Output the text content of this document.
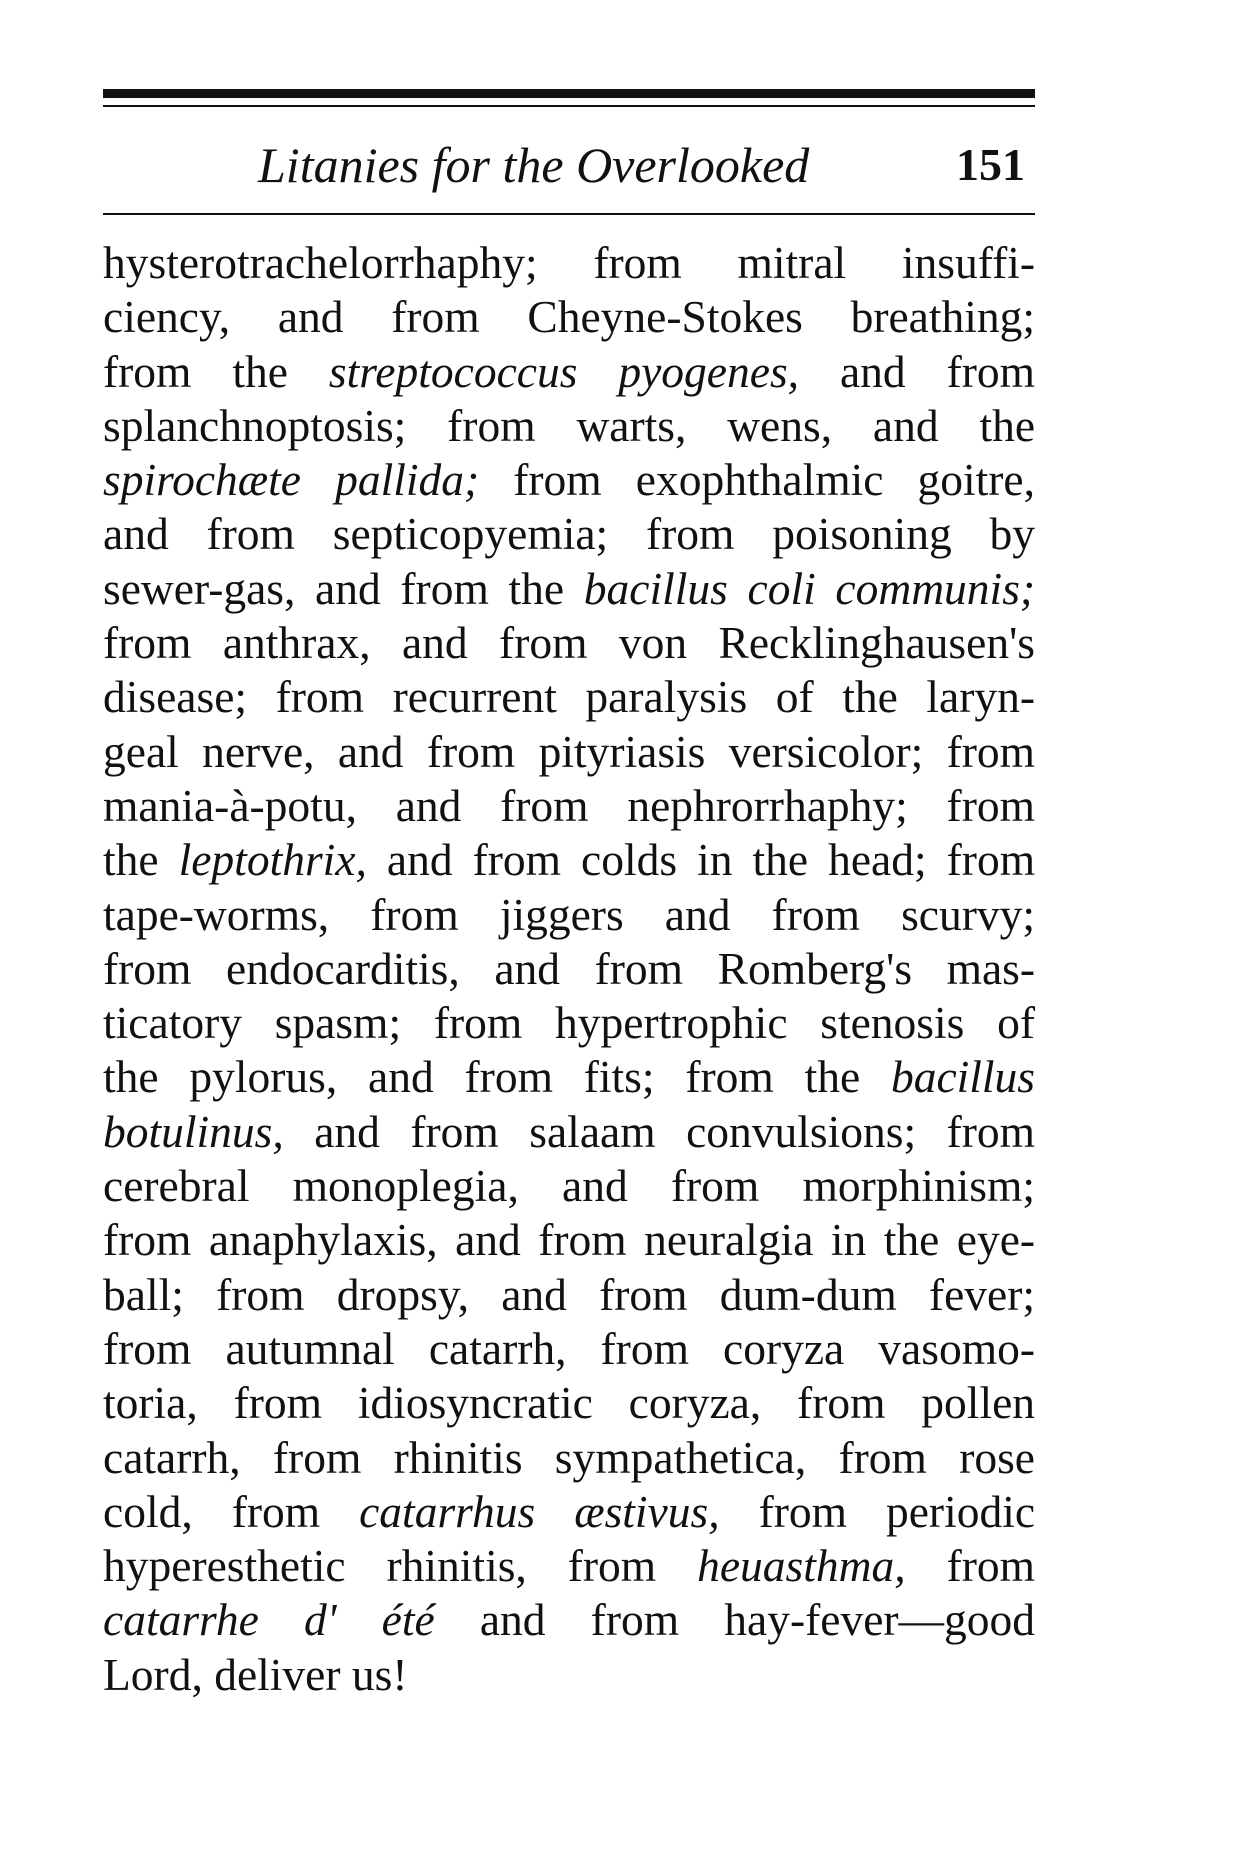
Litanies for the Overlooked	151
hysterotrachelorrhaphy; from mitral insuffi-
ciency, and from Cheyne-Stokes breathing;
from the streptococcus pyogenes, and from
splanchnoptosis; from warts, wens, and the
spirochæte pallida; from exophthalmic goitre,
and from septicopyemia; from poisoning by
sewer-gas, and from the bacillus coli communis;
from anthrax, and from von Recklinghausen's
disease; from recurrent paralysis of the laryn-
geal nerve, and from pityriasis versicolor; from
mania-à-potu, and from nephrorrhaphy; from
the leptothrix, and from colds in the head; from
tape-worms, from jiggers and from scurvy;
from endocarditis, and from Romberg's mas-
ticatory spasm; from hypertrophic stenosis of
the pylorus, and from fits; from the bacillus
botulinus, and from salaam convulsions; from
cerebral monoplegia, and from morphinism;
from anaphylaxis, and from neuralgia in the eye-
ball; from dropsy, and from dum-dum fever;
from autumnal catarrh, from coryza vasomo-
toria, from idiosyncratic coryza, from pollen
catarrh, from rhinitis sympathetica, from rose
cold, from catarrhus æstivus, from periodic
hyperesthetic rhinitis, from heuasthma, from
catarrhe d' été and from hay-fever—good
Lord, deliver us!
